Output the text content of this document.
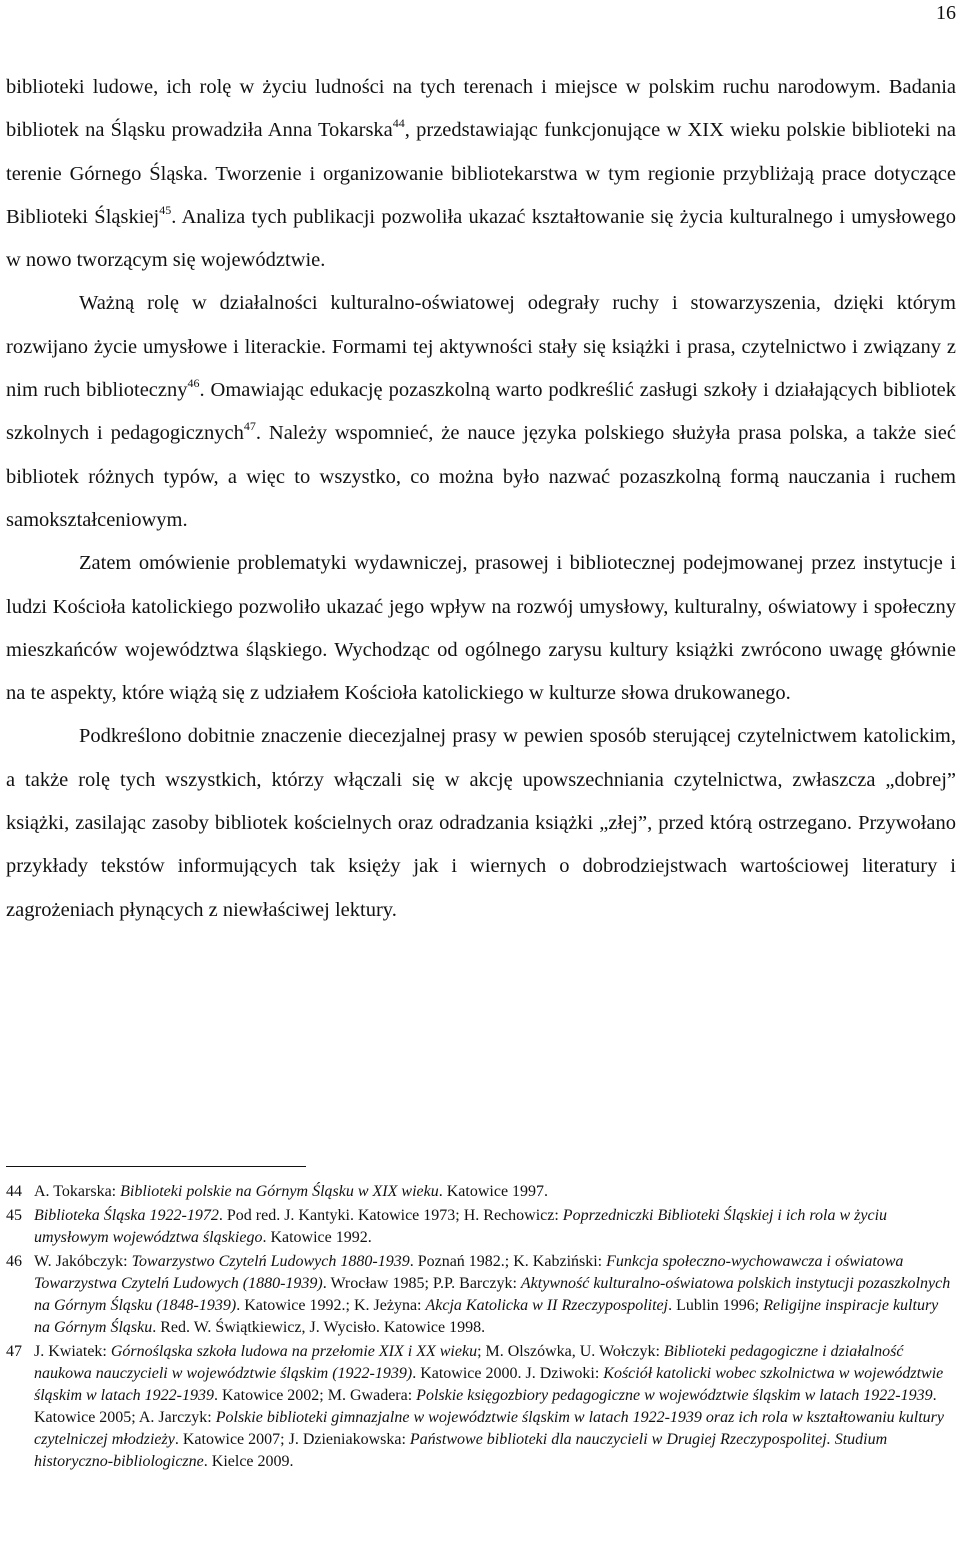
16

biblioteki ludowe, ich rolę w życiu ludności na tych terenach i miejsce w polskim ruchu narodowym. Badania bibliotek na Śląsku prowadziła Anna Tokarska$^{44}$, przedstawiając funkcjonujące w XIX wieku polskie biblioteki na terenie Górnego Śląska. Tworzenie i organizowanie bibliotekarstwa w tym regionie przybliżają prace dotyczące Biblioteki Śląskiej$^{45}$. Analiza tych publikacji pozwoliła ukazać kształtowanie się życia kulturalnego i umysłowego w nowo tworzącym się województwie.

Ważną rolę w działalności kulturalno-oświatowej odegrały ruchy i stowarzyszenia, dzięki którym rozwijano życie umysłowe i literackie. Formami tej aktywności stały się książki i prasa, czytelnictwo i związany z nim ruch biblioteczny$^{46}$. Omawiając edukację pozaszkolną warto podkreślić zasługi szkoły i działających bibliotek szkolnych i pedagogicznych$^{47}$. Należy wspomnieć, że nauce języka polskiego służyła prasa polska, a także sieć bibliotek różnych typów, a więc to wszystko, co można było nazwać pozaszkolną formą nauczania i ruchem samokształceniowym.

Zatem omówienie problematyki wydawniczej, prasowej i bibliotecznej podejmowanej przez instytucje i ludzi Kościoła katolickiego pozwoliło ukazać jego wpływ na rozwój umysłowy, kulturalny, oświatowy i społeczny mieszkańców województwa śląskiego. Wychodząc od ogólnego zarysu kultury książki zwrócono uwagę głównie na te aspekty, które wiążą się z udziałem Kościoła katolickiego w kulturze słowa drukowanego.

Podkreślono dobitnie znaczenie diecezjalnej prasy w pewien sposób sterującej czytelnictwem katolickim, a także rolę tych wszystkich, którzy włączali się w akcję upowszechniania czytelnictwa, zwłaszcza „dobrej” książki, zasilając zasoby bibliotek kościelnych oraz odradzania książki „złej”, przed którą ostrzegano. Przywołano przykłady tekstów informujących tak księży jak i wiernych o dobrodziejstwach wartościowej literatury i zagrożeniach płynących z niewłaściwej lektury.

44 A. Tokarska: Biblioteki polskie na Górnym Śląsku w XIX wieku. Katowice 1997.
45 Biblioteka Śląska 1922-1972. Pod red. J. Kantyki. Katowice 1973; H. Rechowicz: Poprzedniczki Biblioteki Śląskiej i ich rola w życiu umysłowym województwa śląskiego. Katowice 1992.
46 W. Jakóbczyk: Towarzystwo Czytelń Ludowych 1880-1939. Poznań 1982.; K. Kabziński: Funkcja społeczno-wychowawcza i oświatowa Towarzystwa Czytelń Ludowych (1880-1939). Wrocław 1985; P.P. Barczyk: Aktywność kulturalno-oświatowa polskich instytucji pozaszkolnych na Górnym Śląsku (1848-1939). Katowice 1992.; K. Jeżyna: Akcja Katolicka w II Rzeczypospolitej. Lublin 1996; Religijne inspiracje kultury na Górnym Śląsku. Red. W. Świątkiewicz, J. Wycisło. Katowice 1998.
47 J. Kwiatek: Górnośląska szkoła ludowa na przełomie XIX i XX wieku; M. Olszówka, U. Wołczyk: Biblioteki pedagogiczne i działalność naukowa nauczycieli w województwie śląskim (1922-1939). Katowice 2000. J. Dziwoki: Kościół katolicki wobec szkolnictwa w województwie śląskim w latach 1922-1939. Katowice 2002; M. Gwadera: Polskie księgozbiory pedagogiczne w województwie śląskim w latach 1922-1939. Katowice 2005; A. Jarczyk: Polskie biblioteki gimnazjalne w województwie śląskim w latach 1922-1939 oraz ich rola w kształtowaniu kultury czytelniczej młodzieży. Katowice 2007; J. Dzieniakowska: Państwowe biblioteki dla nauczycieli w Drugiej Rzeczypospolitej. Studium historyczno-bibliologiczne. Kielce 2009.
